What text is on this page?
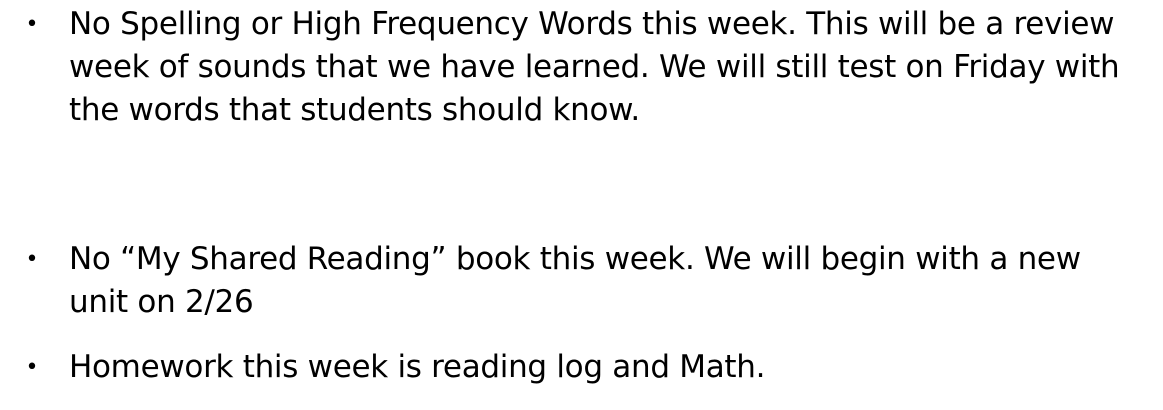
• No Spelling or High Frequency Words this week. This will be a review week of sounds that we have learned. We will still test on Friday with the words that students should know.
• No “My Shared Reading” book this week. We will begin with a new unit on 2/26
• Homework this week is reading log and Math.
